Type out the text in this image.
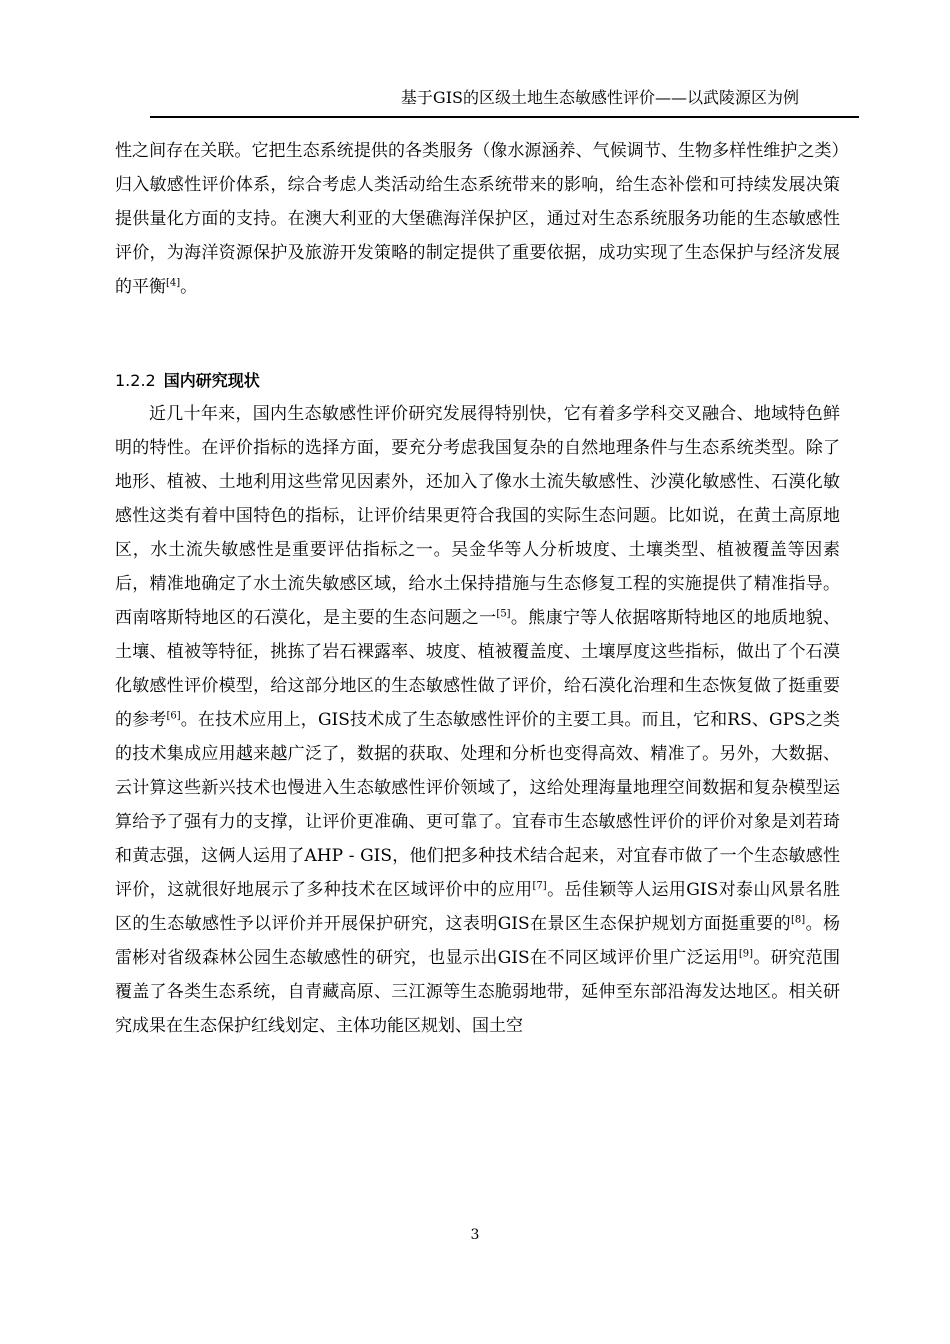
基于GIS的区级土地生态敏感性评价——以武陵源区为例
性之间存在关联。它把生态系统提供的各类服务（像水源涵养、气候调节、生物多样性维护之类）归入敏感性评价体系，综合考虑人类活动给生态系统带来的影响，给生态补偿和可持续发展决策提供量化方面的支持。在澳大利亚的大堡礁海洋保护区，通过对生态系统服务功能的生态敏感性评价，为海洋资源保护及旅游开发策略的制定提供了重要依据，成功实现了生态保护与经济发展的平衡[4]。
1.2.2 国内研究现状
近几十年来，国内生态敏感性评价研究发展得特别快，它有着多学科交叉融合、地域特色鲜明的特性。在评价指标的选择方面，要充分考虑我国复杂的自然地理条件与生态系统类型。除了地形、植被、土地利用这些常见因素外，还加入了像水土流失敏感性、沙漠化敏感性、石漠化敏感性这类有着中国特色的指标，让评价结果更符合我国的实际生态问题。比如说，在黄土高原地区，水土流失敏感性是重要评估指标之一。吴金华等人分析坡度、土壤类型、植被覆盖等因素后，精准地确定了水土流失敏感区域，给水土保持措施与生态修复工程的实施提供了精准指导。西南喀斯特地区的石漠化，是主要的生态问题之一[5]。熊康宁等人依据喀斯特地区的地质地貌、土壤、植被等特征，挑拣了岩石裸露率、坡度、植被覆盖度、土壤厚度这些指标，做出了个石漠化敏感性评价模型，给这部分地区的生态敏感性做了评价，给石漠化治理和生态恢复做了挺重要的参考[6]。在技术应用上，GIS技术成了生态敏感性评价的主要工具。而且，它和RS、GPS之类的技术集成应用越来越广泛了，数据的获取、处理和分析也变得高效、精准了。另外，大数据、云计算这些新兴技术也慢进入生态敏感性评价领域了，这给处理海量地理空间数据和复杂模型运算给予了强有力的支撑，让评价更准确、更可靠了。宜春市生态敏感性评价的评价对象是刘若琦和黄志强，这俩人运用了AHP - GIS，他们把多种技术结合起来，对宜春市做了一个生态敏感性评价，这就很好地展示了多种技术在区域评价中的应用[7]。岳佳颖等人运用GIS对泰山风景名胜区的生态敏感性予以评价并开展保护研究，这表明GIS在景区生态保护规划方面挺重要的[8]。杨雷彬对省级森林公园生态敏感性的研究，也显示出GIS在不同区域评价里广泛运用[9]。研究范围覆盖了各类生态系统，自青藏高原、三江源等生态脆弱地带，延伸至东部沿海发达地区。相关研究成果在生态保护红线划定、主体功能区规划、国土空
3
